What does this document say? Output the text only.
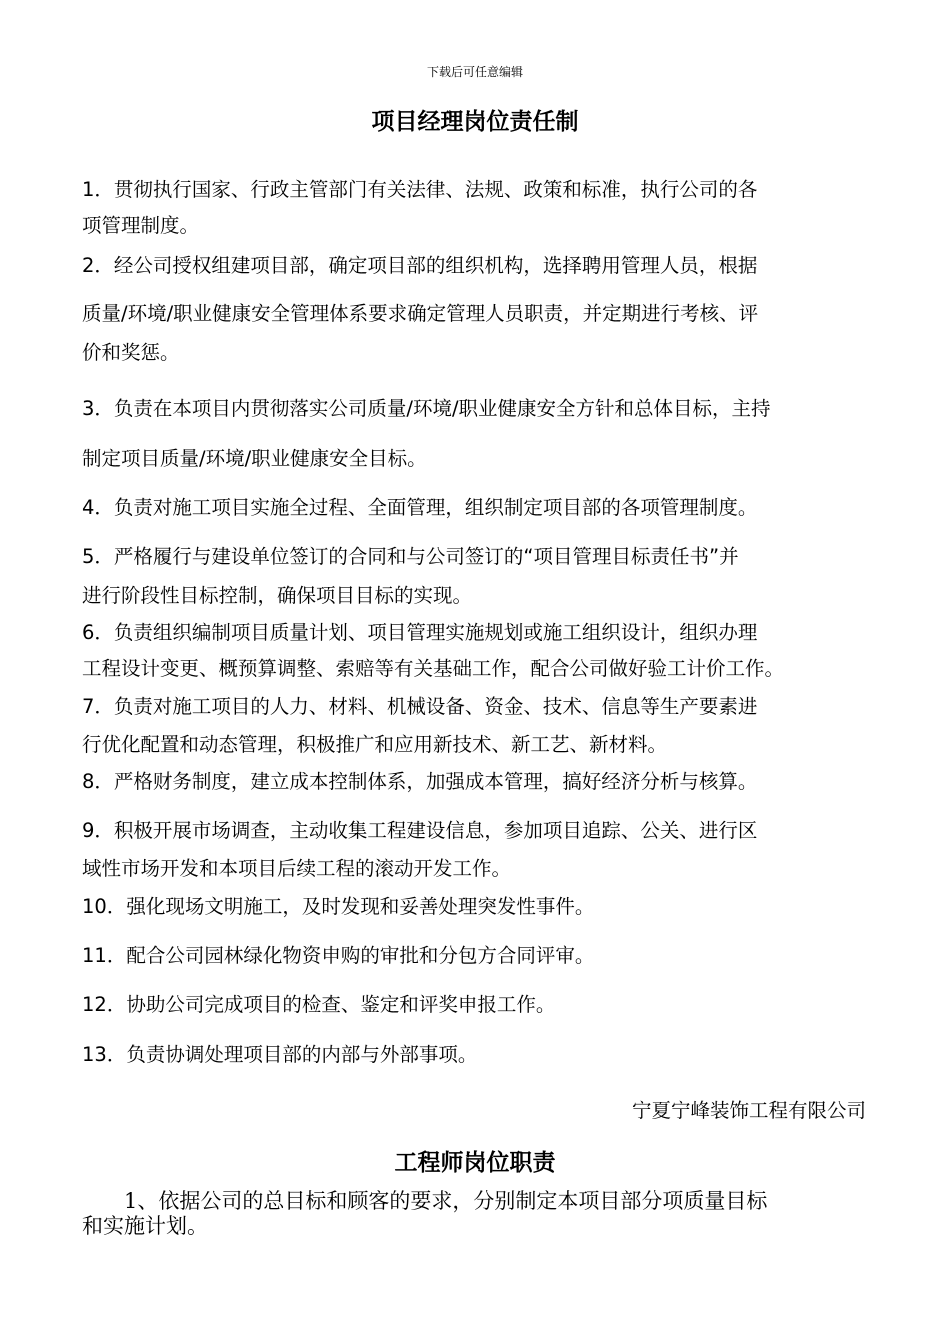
下载后可任意编辑
项目经理岗位责任制
1．贯彻执行国家、行政主管部门有关法律、法规、政策和标准，执行公司的各
项管理制度。
2．经公司授权组建项目部，确定项目部的组织机构，选择聘用管理人员，根据
质量/环境/职业健康安全管理体系要求确定管理人员职责，并定期进行考核、评
价和奖惩。
3．负责在本项目内贯彻落实公司质量/环境/职业健康安全方针和总体目标，主持
制定项目质量/环境/职业健康安全目标。
4．负责对施工项目实施全过程、全面管理，组织制定项目部的各项管理制度。
5．严格履行与建设单位签订的合同和与公司签订的“项目管理目标责任书”并
进行阶段性目标控制，确保项目目标的实现。
6．负责组织编制项目质量计划、项目管理实施规划或施工组织设计，组织办理
工程设计变更、概预算调整、索赔等有关基础工作，配合公司做好验工计价工作。
7．负责对施工项目的人力、材料、机械设备、资金、技术、信息等生产要素进
行优化配置和动态管理，积极推广和应用新技术、新工艺、新材料。
8．严格财务制度，建立成本控制体系，加强成本管理，搞好经济分析与核算。
9．积极开展市场调查，主动收集工程建设信息，参加项目追踪、公关、进行区
域性市场开发和本项目后续工程的滚动开发工作。
10．强化现场文明施工，及时发现和妥善处理突发性事件。
11．配合公司园林绿化物资申购的审批和分包方合同评审。
12．协助公司完成项目的检查、鉴定和评奖申报工作。
13．负责协调处理项目部的内部与外部事项。
宁夏宁峰装饰工程有限公司
工程师岗位职责
　　1、依据公司的总目标和顾客的要求，分别制定本项目部分项质量目标
和实施计划。
